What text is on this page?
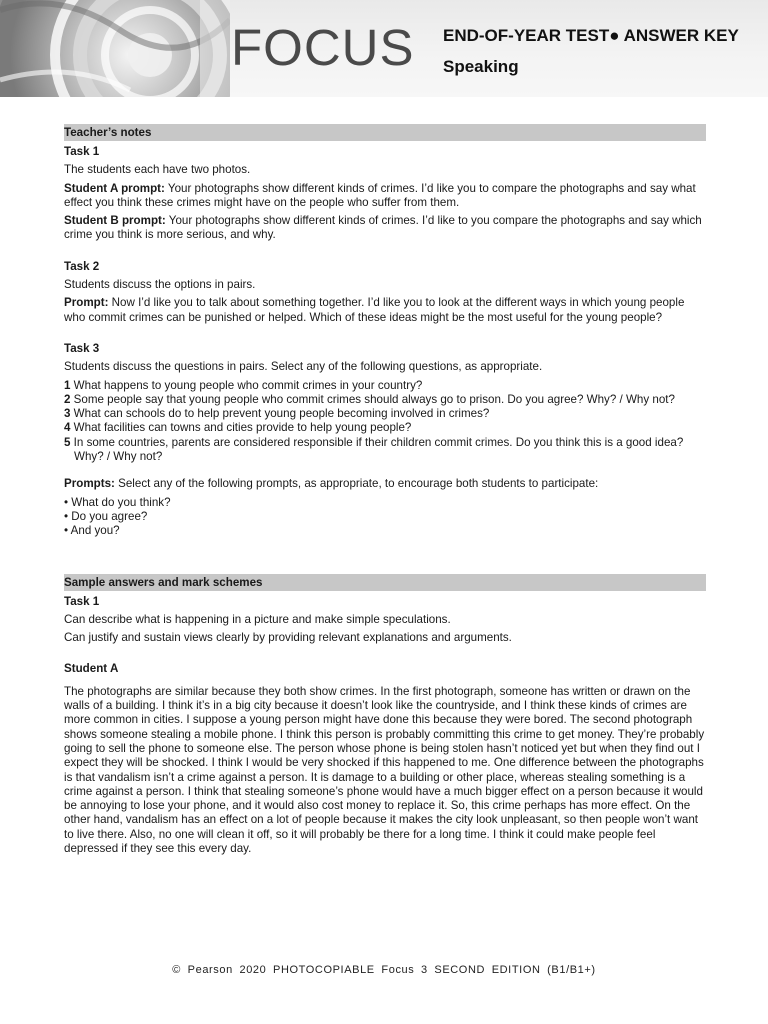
FOCUS END-OF-YEAR TEST● ANSWER KEY
Speaking
Teacher’s notes
Task 1

The students each have two photos.

Student A prompt: Your photographs show different kinds of crimes. I’d like you to compare the photographs and say what effect you think these crimes might have on the people who suffer from them.

Student B prompt: Your photographs show different kinds of crimes. I’d like to you compare the photographs and say which crime you think is more serious, and why.

Task 2

Students discuss the options in pairs.

Prompt: Now I’d like you to talk about something together. I’d like you to look at the different ways in which young people who commit crimes can be punished or helped. Which of these ideas might be the most useful for the young people?

Task 3

Students discuss the questions in pairs. Select any of the following questions, as appropriate.

1 What happens to young people who commit crimes in your country?
2 Some people say that young people who commit crimes should always go to prison. Do you agree? Why? / Why not?
3 What can schools do to help prevent young people becoming involved in crimes?
4 What facilities can towns and cities provide to help young people?
5 In some countries, parents are considered responsible if their children commit crimes. Do you think this is a good idea? Why? / Why not?

Prompts: Select any of the following prompts, as appropriate, to encourage both students to participate:

• What do you think?
• Do you agree?
• And you?
Sample answers and mark schemes
Task 1

Can describe what is happening in a picture and make simple speculations.

Can justify and sustain views clearly by providing relevant explanations and arguments.

Student A

The photographs are similar because they both show crimes. In the first photograph, someone has written or drawn on the walls of a building. I think it’s in a big city because it doesn’t look like the countryside, and I think these kinds of crimes are more common in cities. I suppose a young person might have done this because they were bored. The second photograph shows someone stealing a mobile phone. I think this person is probably committing this crime to get money. They’re probably going to sell the phone to someone else. The person whose phone is being stolen hasn’t noticed yet but when they find out I expect they will be shocked. I think I would be very shocked if this happened to me. One difference between the photographs is that vandalism isn’t a crime against a person. It is damage to a building or other place, whereas stealing something is a crime against a person. I think that stealing someone’s phone would have a much bigger effect on a person because it would be annoying to lose your phone, and it would also cost money to replace it. So, this crime perhaps has more effect. On the other hand, vandalism has an effect on a lot of people because it makes the city look unpleasant, so then people won’t want to live there. Also, no one will clean it off, so it will probably be there for a long time. I think it could make people feel depressed if they see this every day.

© Pearson 2020 PHOTOCOPIABLE Focus 3 SECOND EDITION (B1/B1+)
